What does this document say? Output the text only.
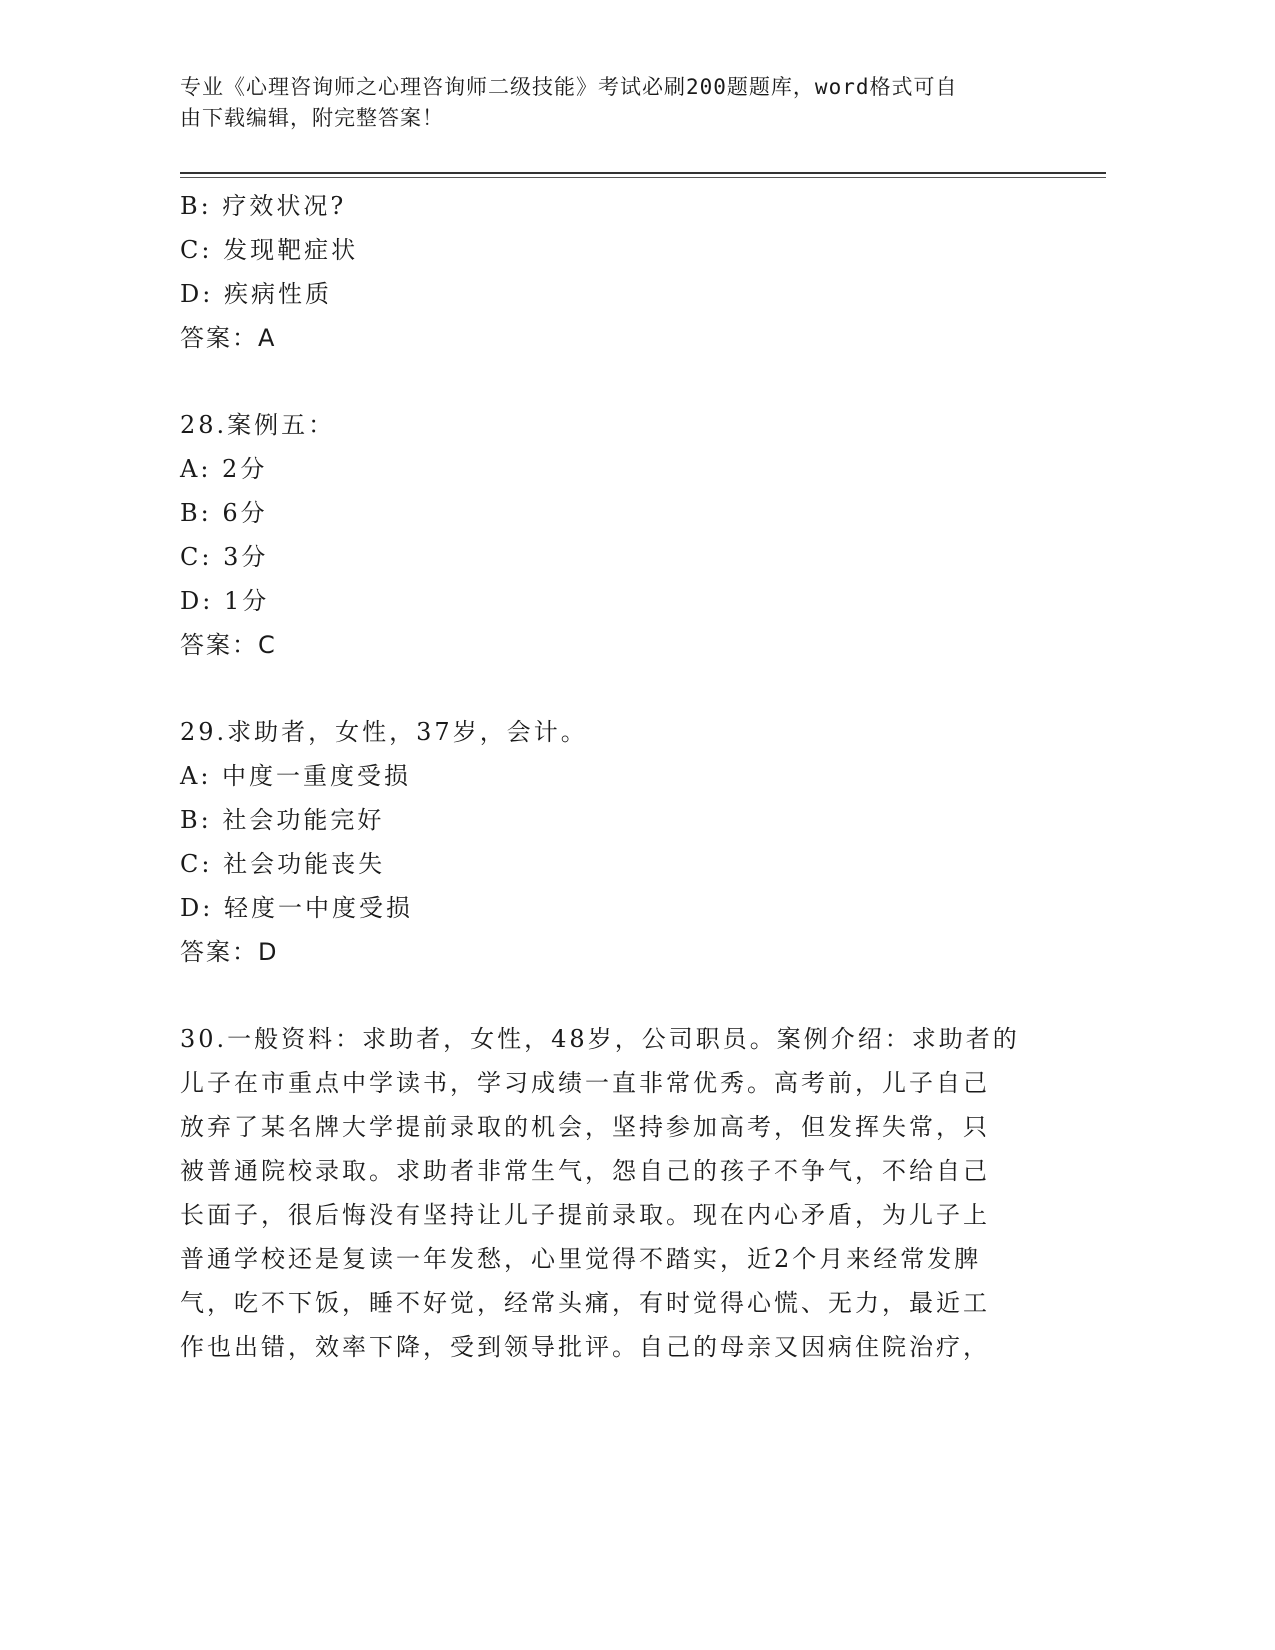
专业《心理咨询师之心理咨询师二级技能》考试必刷200题题库，word格式可自
由下载编辑，附完整答案！
B: 疗效状况?
C: 发现靶症状
D: 疾病性质
答案：A
28.案例五：
A: 2分
B: 6分
C: 3分
D: 1分
答案：C
29.求助者，女性，37岁，会计。
A: 中度一重度受损
B: 社会功能完好
C: 社会功能丧失
D: 轻度一中度受损
答案：D
30.一般资料：求助者，女性，48岁，公司职员。案例介绍：求助者的
儿子在市重点中学读书，学习成绩一直非常优秀。高考前，儿子自己
放弃了某名牌大学提前录取的机会，坚持参加高考，但发挥失常，只
被普通院校录取。求助者非常生气，怨自己的孩子不争气，不给自己
长面子，很后悔没有坚持让儿子提前录取。现在内心矛盾，为儿子上
普通学校还是复读一年发愁，心里觉得不踏实，近2个月来经常发脾
气，吃不下饭，睡不好觉，经常头痛，有时觉得心慌、无力，最近工
作也出错，效率下降，受到领导批评。自己的母亲又因病住院治疗，
